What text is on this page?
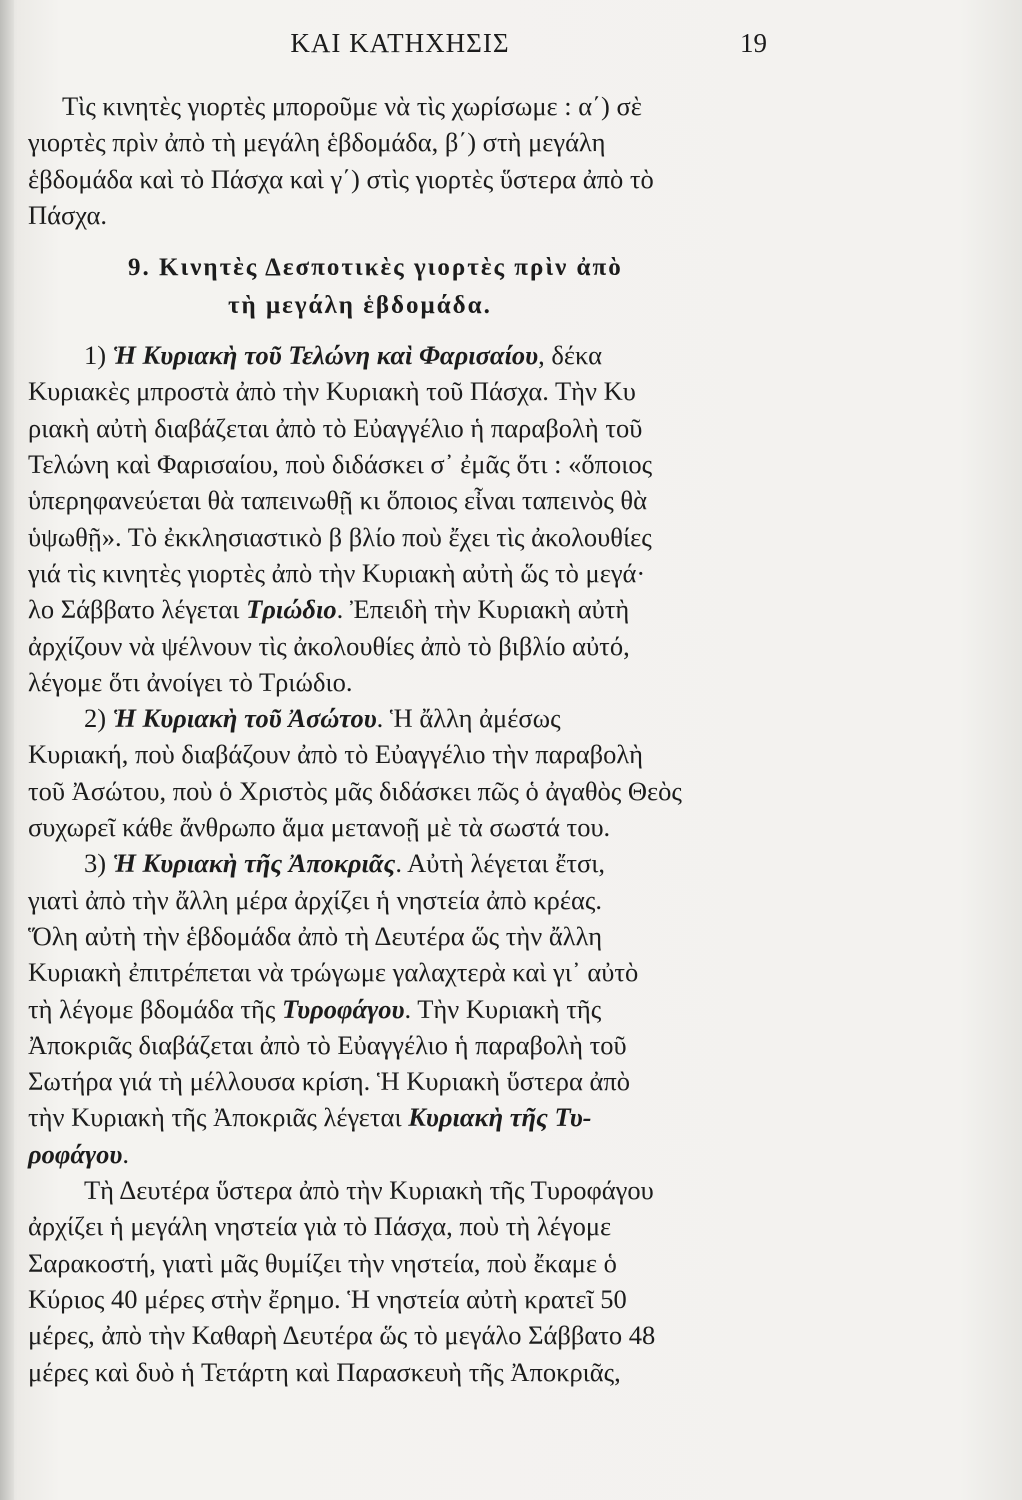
ΚΑΙ ΚΑΤΗΧΗΣΙΣ	19
Τὶς κινητὲς γιορτὲς μποροῦμε νὰ τὶς χωρίσωμε : α΄) σὲ
γιορτὲς πρὶν ἀπὸ τὴ μεγάλη ἑβδομάδα, β΄) στὴ μεγάλη
ἑβδομάδα καὶ τὸ Πάσχα καὶ γ΄) στὶς γιορτὲς ὕστερα ἀπὸ τὸ
Πάσχα.
9. Κινητὲς Δεσποτικὲς γιορτὲς πρὶν ἀπὸ
τὴ μεγάλη ἑβδομάδα.
1) Ἡ Κυριακὴ τοῦ Τελώνη καὶ Φαρισαίου, δέκα
Κυριακὲς μπροστὰ ἀπὸ τὴν Κυριακὴ τοῦ Πάσχα. Τὴν Κυ
ριακὴ αὐτὴ διαβάζεται ἀπὸ τὸ Εὐαγγέλιο ἡ παραβολὴ τοῦ
Τελώνη καὶ Φαρισαίου, ποὺ διδάσκει σ᾿ ἐμᾶς ὅτι : «ὅποιος
ὑπερηφανεύεται θὰ ταπεινωθῇ κι ὅποιος εἶναι ταπεινὸς θὰ
ὑψωθῇ». Τὸ ἐκκλησιαστικὸ β βλίο ποὺ ἔχει τὶς ἀκολουθίες
γιά τὶς κινητὲς γιορτὲς ἀπὸ τὴν Κυριακὴ αὐτὴ ὥς τὸ μεγά·
λο Σάββατο λέγεται Τριώδιο. Ἐπειδὴ τὴν Κυριακὴ αὐτὴ
ἀρχίζουν νὰ ψέλνουν τὶς ἀκολουθίες ἀπὸ τὸ βιβλίο αὐτό,
λέγομε ὅτι ἀνοίγει τὸ Τριώδιο.
2) Ἡ Κυριακὴ τοῦ Ἀσώτου. Ἡ ἄλλη ἀμέσως
Κυριακή, ποὺ διαβάζουν ἀπὸ τὸ Εὐαγγέλιο τὴν παραβολὴ
τοῦ Ἀσώτου, ποὺ ὁ Χριστὸς μᾶς διδάσκει πῶς ὁ ἀγαθὸς Θεὸς
συχωρεῖ κάθε ἄνθρωπο ἅμα μετανοῇ μὲ τὰ σωστά του.
3) Ἡ Κυριακὴ τῆς Ἀποκριᾶς. Αὐτὴ λέγεται ἔτσι,
γιατὶ ἀπὸ τὴν ἄλλη μέρα ἀρχίζει ἡ νηστεία ἀπὸ κρέας.
Ὅλη αὐτὴ τὴν ἑβδομάδα ἀπὸ τὴ Δευτέρα ὥς τὴν ἄλλη
Κυριακὴ ἐπιτρέπεται νὰ τρώγωμε γαλαχτερὰ καὶ γι᾿ αὐτὸ
τὴ λέγομε βδομάδα τῆς Τυροφάγου. Τὴν Κυριακὴ τῆς
Ἀποκριᾶς διαβάζεται ἀπὸ τὸ Εὐαγγέλιο ἡ παραβολὴ τοῦ
Σωτήρα γιά τὴ μέλλουσα κρίση. Ἡ Κυριακὴ ὕστερα ἀπὸ
τὴν Κυριακὴ τῆς Ἀποκριᾶς λέγεται Κυριακὴ τῆς Τυ-
ροφάγου.
Τὴ Δευτέρα ὕστερα ἀπὸ τὴν Κυριακὴ τῆς Τυροφάγου
ἀρχίζει ἡ μεγάλη νηστεία γιὰ τὸ Πάσχα, ποὺ τὴ λέγομε
Σαρακοστή, γιατὶ μᾶς θυμίζει τὴν νηστεία, ποὺ ἔκαμε ὁ
Κύριος 40 μέρες στὴν ἔρημο. Ἡ νηστεία αὐτὴ κρατεῖ 50
μέρες, ἀπὸ τὴν Καθαρὴ Δευτέρα ὥς τὸ μεγάλο Σάββατο 48
μέρες καὶ δυὸ ἡ Τετάρτη καὶ Παρασκευὴ τῆς Ἀποκριᾶς,
